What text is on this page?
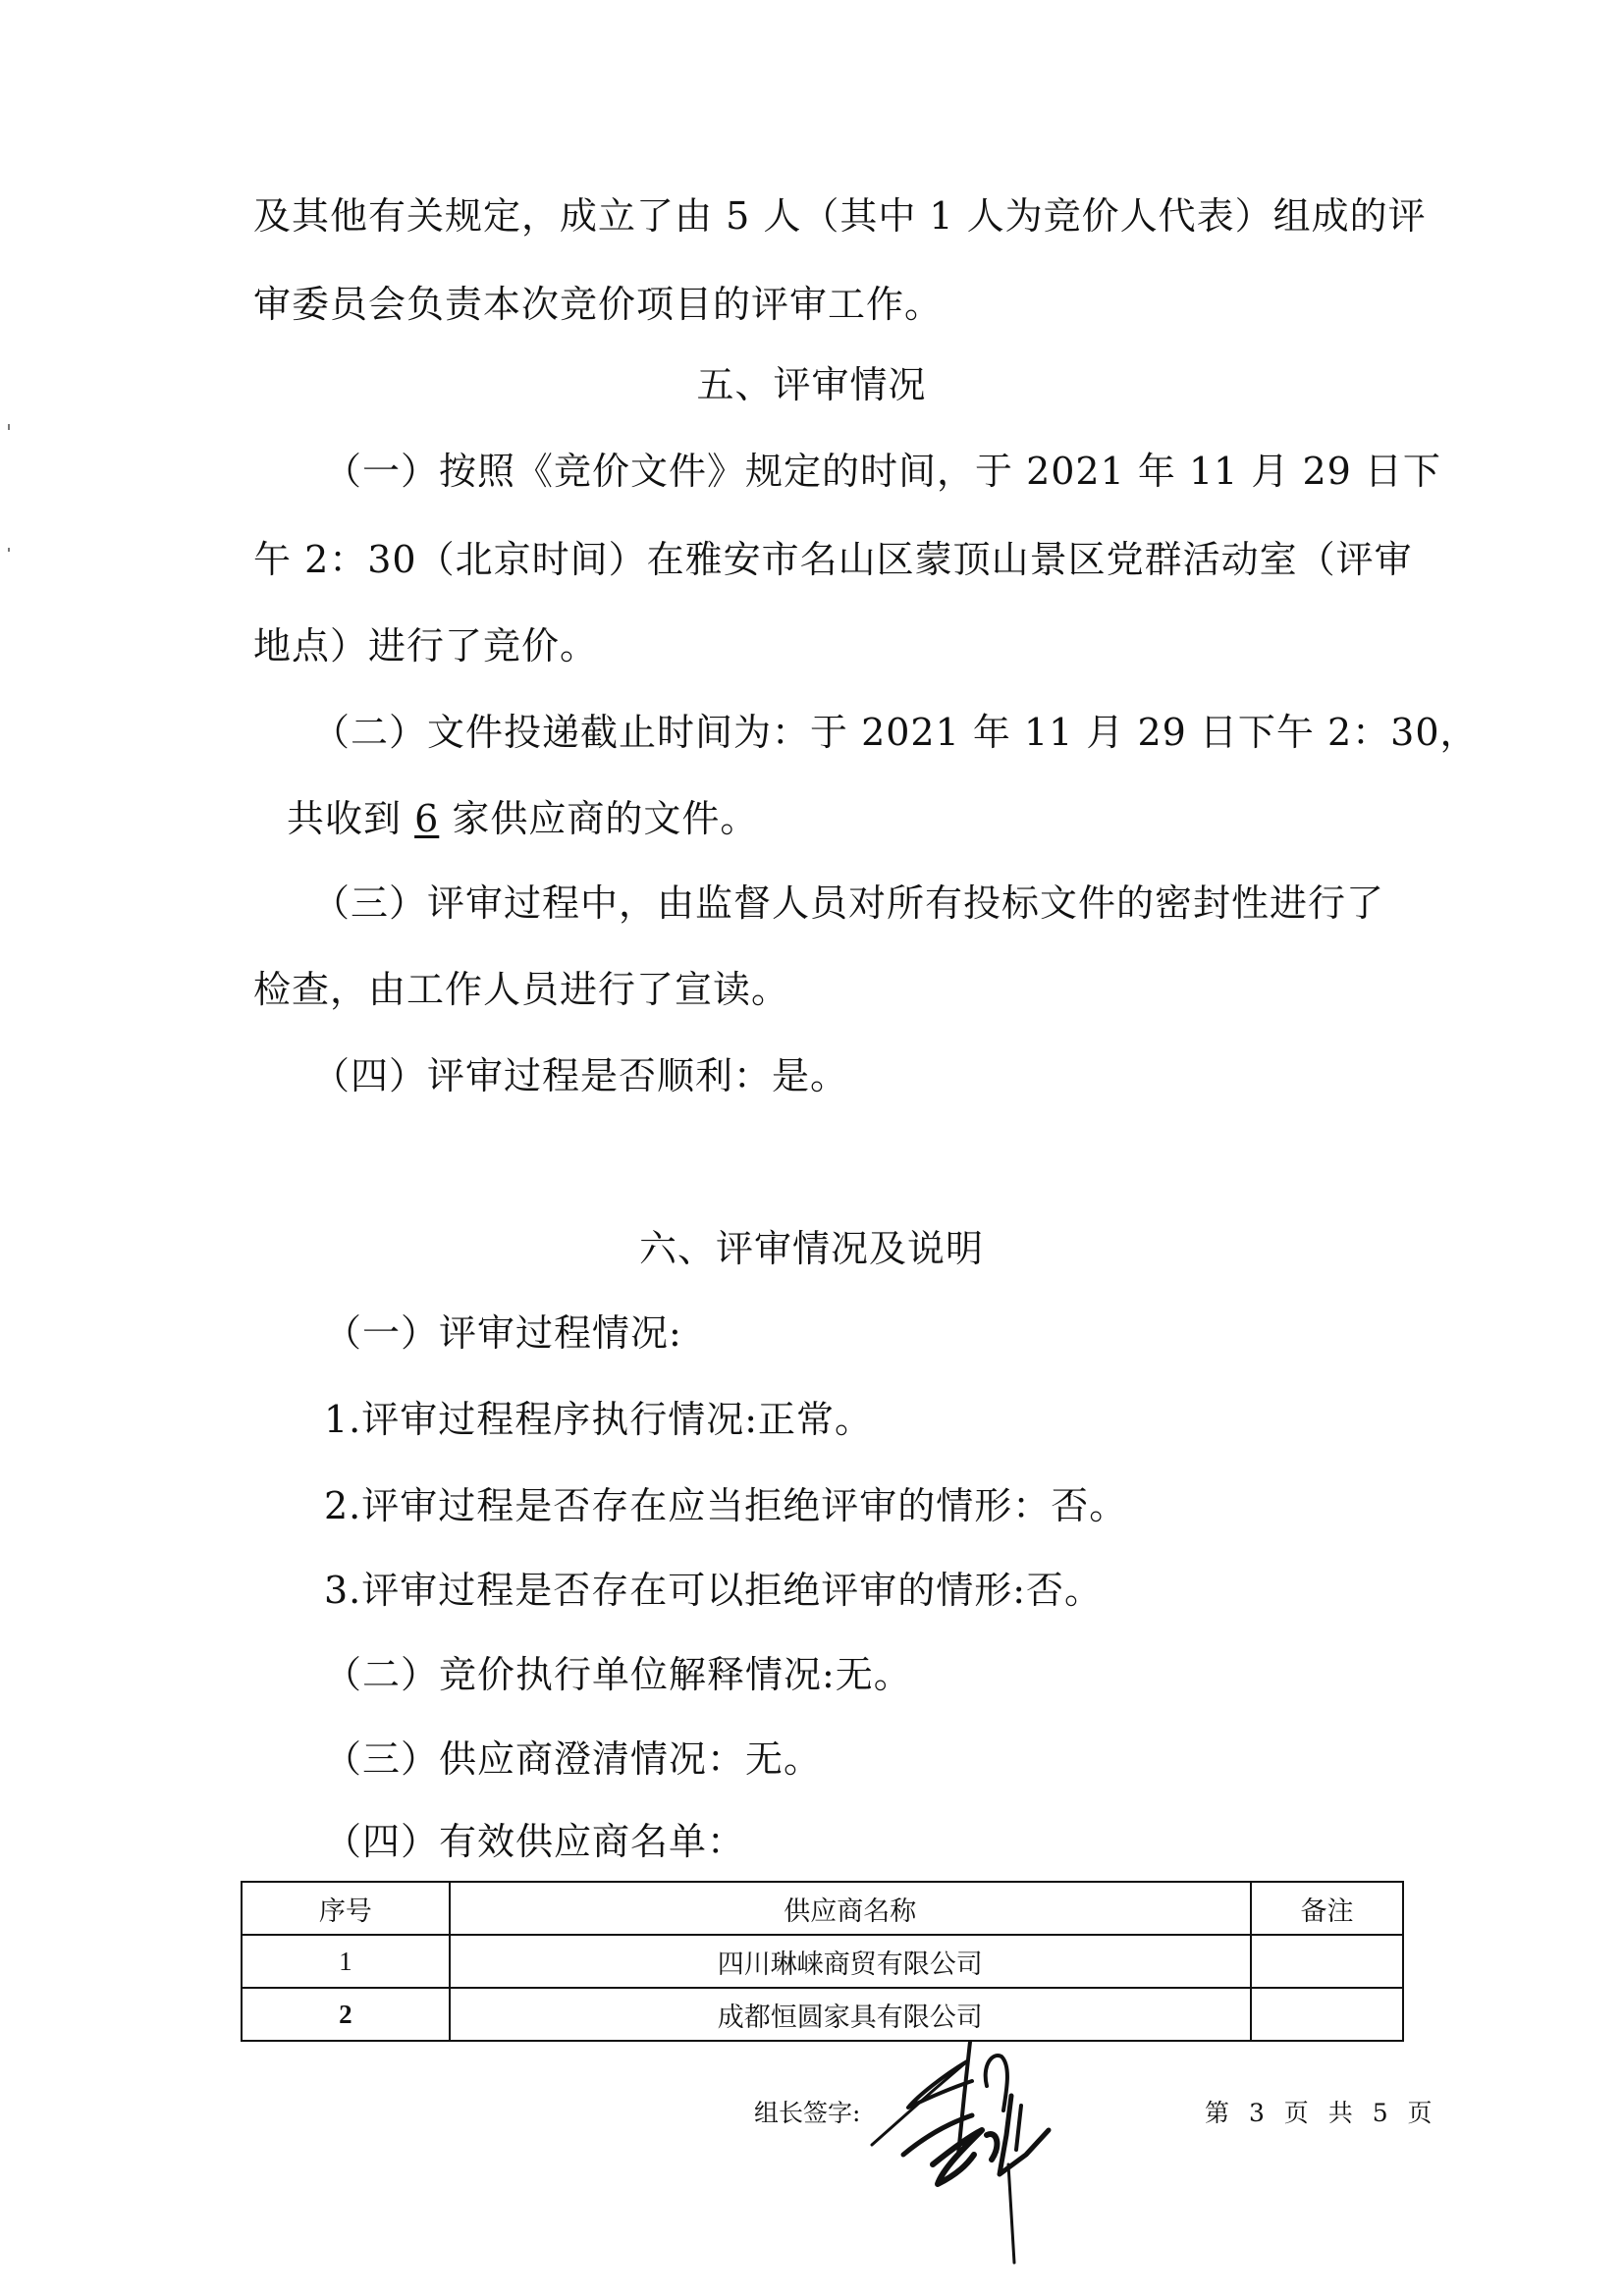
及其他有关规定，成立了由 5 人（其中 1 人为竞价人代表）组成的评
审委员会负责本次竞价项目的评审工作。
五、评审情况
（一）按照《竞价文件》规定的时间，于 2021 年 11 月 29 日下
午 2：30（北京时间）在雅安市名山区蒙顶山景区党群活动室（评审
地点）进行了竞价。
（二）文件投递截止时间为：于 2021 年 11 月 29 日下午 2：30，
共收到 6 家供应商的文件。
（三）评审过程中，由监督人员对所有投标文件的密封性进行了
检查，由工作人员进行了宣读。
（四）评审过程是否顺利：是。
六、评审情况及说明
（一）评审过程情况:
1.评审过程程序执行情况:正常。
2.评审过程是否存在应当拒绝评审的情形：否。
3.评审过程是否存在可以拒绝评审的情形:否。
（二）竞价执行单位解释情况:无。
（三）供应商澄清情况：无。
（四）有效供应商名单：
序号	供应商名称	备注
1	四川琳崃商贸有限公司	
2	成都恒圆家具有限公司	
组长签字:	第 3 页 共 5 页
